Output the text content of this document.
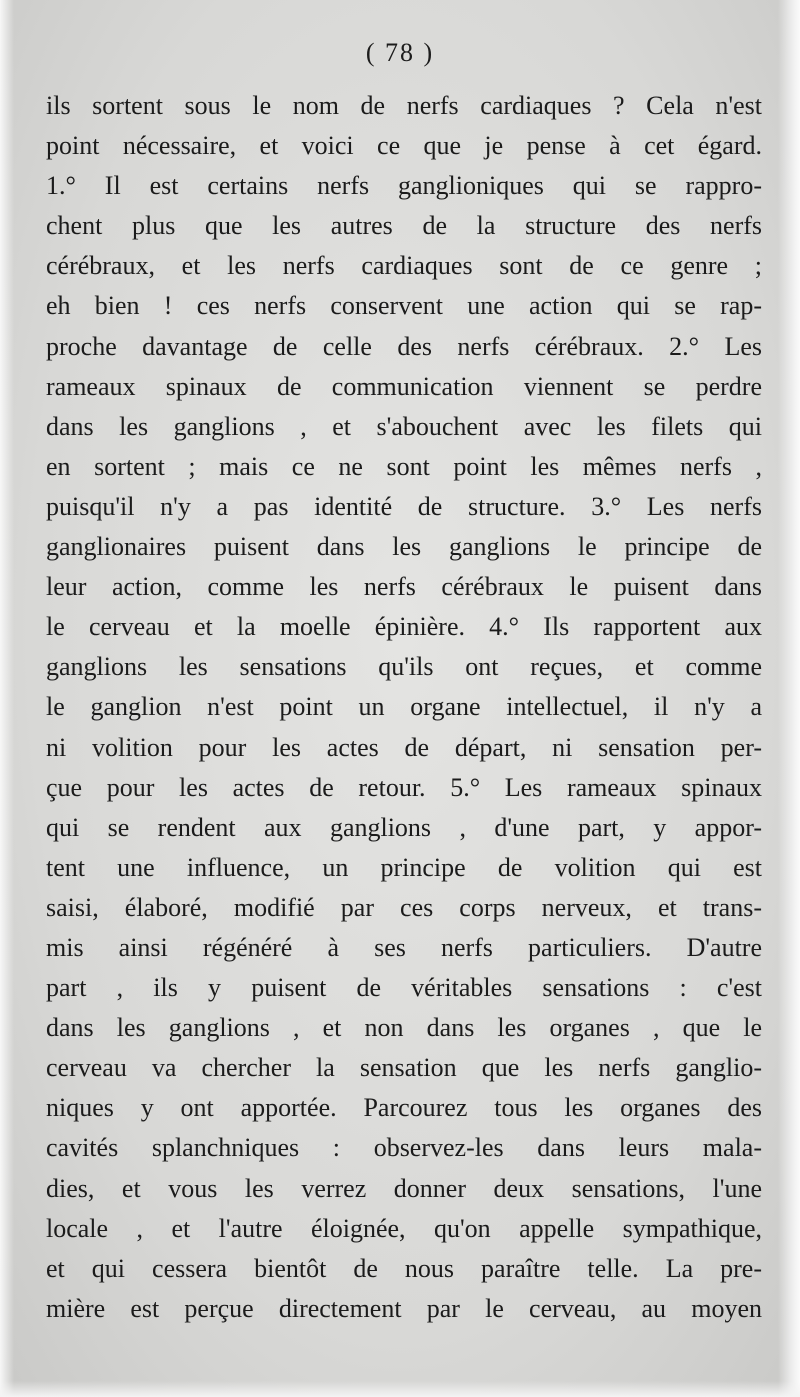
( 78 )
ils sortent sous le nom de nerfs cardiaques ? Cela n'est
point nécessaire, et voici ce que je pense à cet égard.
1.° Il est certains nerfs ganglioniques qui se rappro-
chent plus que les autres de la structure des nerfs
cérébraux, et les nerfs cardiaques sont de ce genre ;
eh bien ! ces nerfs conservent une action qui se rap-
proche davantage de celle des nerfs cérébraux. 2.° Les
rameaux spinaux de communication viennent se perdre
dans les ganglions , et s'abouchent avec les filets qui
en sortent ; mais ce ne sont point les mêmes nerfs ,
puisqu'il n'y a pas identité de structure. 3.° Les nerfs
ganglionaires puisent dans les ganglions le principe de
leur action, comme les nerfs cérébraux le puisent dans
le cerveau et la moelle épinière. 4.° Ils rapportent aux
ganglions les sensations qu'ils ont reçues, et comme
le ganglion n'est point un organe intellectuel, il n'y a
ni volition pour les actes de départ, ni sensation per-
çue pour les actes de retour. 5.° Les rameaux spinaux
qui se rendent aux ganglions , d'une part, y appor-
tent une influence, un principe de volition qui est
saisi, élaboré, modifié par ces corps nerveux, et trans-
mis ainsi régénéré à ses nerfs particuliers. D'autre
part , ils y puisent de véritables sensations : c'est
dans les ganglions , et non dans les organes , que le
cerveau va chercher la sensation que les nerfs ganglio-
niques y ont apportée. Parcourez tous les organes des
cavités splanchniques : observez-les dans leurs mala-
dies, et vous les verrez donner deux sensations, l'une
locale , et l'autre éloignée, qu'on appelle sympathique,
et qui cessera bientôt de nous paraître telle. La pre-
mière est perçue directement par le cerveau, au moyen
